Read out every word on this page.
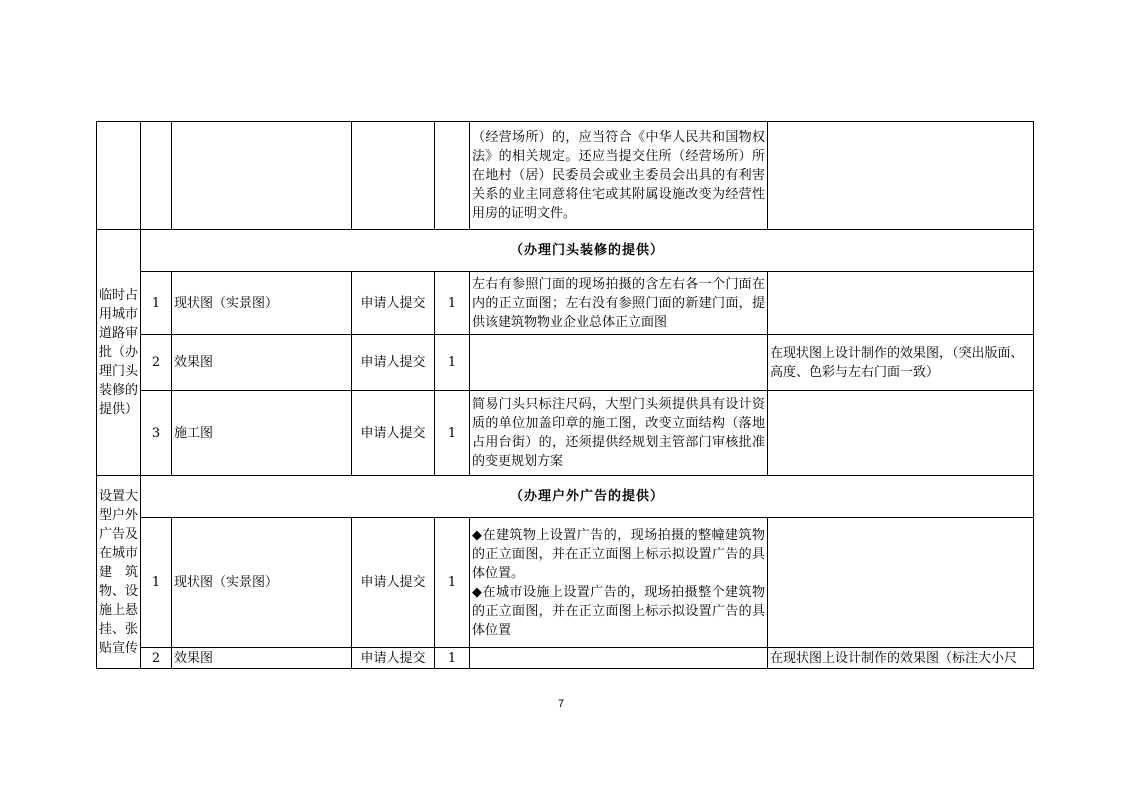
					（经营场所）的，应当符合《中华人民共和国物权法》的相关规定。还应当提交住所（经营场所）所在地村（居）民委员会或业主委员会出具的有利害关系的业主同意将住宅或其附属设施改变为经营性用房的证明文件。	
临时占用城市道路审批（办理门头装修的提供）	（办理门头装修的提供）					
	1	现状图（实景图）	申请人提交	1	左右有参照门面的现场拍摄的含左右各一个门面在内的正立面图；左右没有参照门面的新建门面，提供该建筑物物业企业总体正立面图	
	2	效果图	申请人提交	1		在现状图上设计制作的效果图，（突出版面、高度、色彩与左右门面一致）
	3	施工图	申请人提交	1	简易门头只标注尺码，大型门头须提供具有设计资质的单位加盖印章的施工图，改变立面结构（落地占用台街）的，还须提供经规划主管部门审核批准的变更规划方案	
设置大型户外广告及在城市建筑物、设施上悬挂、张贴宣传	（办理户外广告的提供）					
	1	现状图（实景图）	申请人提交	1	◆在建筑物上设置广告的，现场拍摄的整幢建筑物的正立面图，并在正立面图上标示拟设置广告的具体位置。
◆在城市设施上设置广告的，现场拍摄整个建筑物的正立面图，并在正立面图上标示拟设置广告的具体位置	

	2	效果图	申请人提交	1		在现状图上设计制作的效果图（标注大小尺
7
